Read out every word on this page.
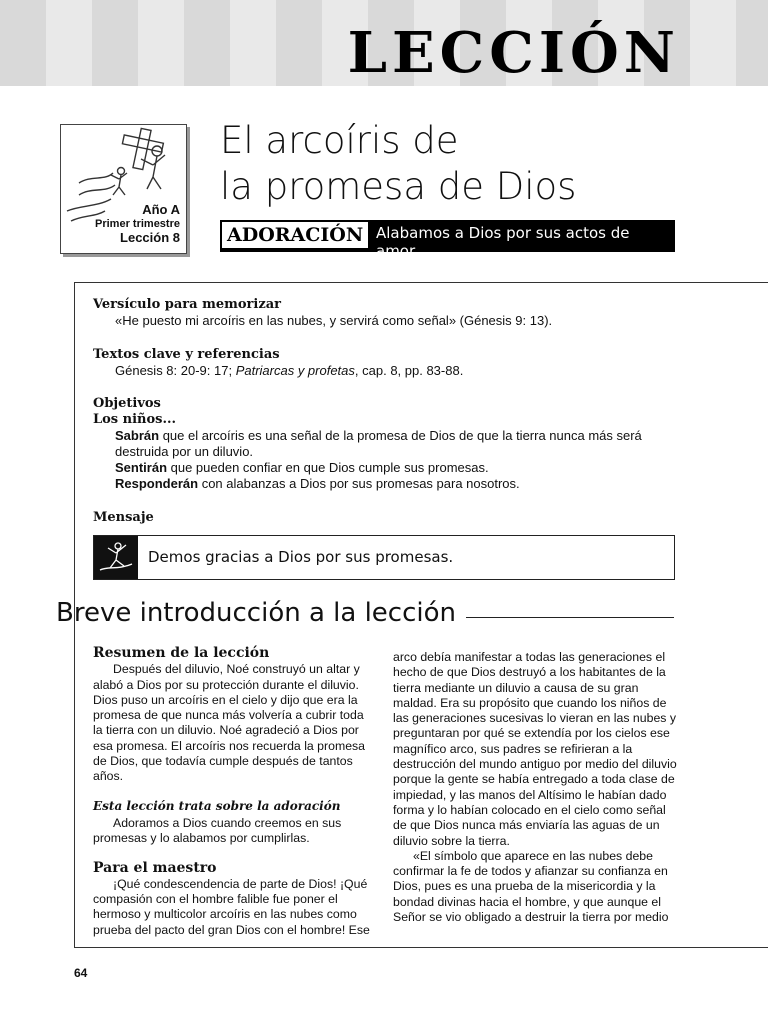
LECCIÓN
Año A
Primer trimestre
Lección 8
El arcoíris de
la promesa de Dios
ADORACIÓN Alabamos a Dios por sus actos de amor.
Versículo para memorizar
«He puesto mi arcoíris en las nubes, y servirá como señal» (Génesis 9: 13).
Textos clave y referencias
Génesis 8: 20-9: 17; Patriarcas y profetas, cap. 8, pp. 83-88.
Objetivos
Los niños...
Sabrán que el arcoíris es una señal de la promesa de Dios de que la tierra nunca más será
destruida por un diluvio.
Sentirán que pueden confiar en que Dios cumple sus promesas.
Responderán con alabanzas a Dios por sus promesas para nosotros.
Mensaje
Demos gracias a Dios por sus promesas.
Breve introducción a la lección

Resumen de la lección

Después del diluvio, Noé construyó un altar y alabó a Dios por su protección durante el diluvio. Dios puso un arcoíris en el cielo y dijo que era la promesa de que nunca más volvería a cubrir toda la tierra con un diluvio. Noé agradeció a Dios por esa promesa. El arcoíris nos recuerda la promesa de Dios, que todavía cumple después de tantos años.

Esta lección trata sobre la adoración

Adoramos a Dios cuando creemos en sus promesas y lo alabamos por cumplirlas.

Para el maestro

¡Qué condescendencia de parte de Dios! ¡Qué compasión con el hombre falible fue poner el hermoso y multicolor arcoíris en las nubes como prueba del pacto del gran Dios con el hombre! Ese

arco debía manifestar a todas las generaciones el hecho de que Dios destruyó a los habitantes de la tierra mediante un diluvio a causa de su gran maldad. Era su propósito que cuando los niños de las generaciones sucesivas lo vieran en las nubes y preguntaran por qué se extendía por los cielos ese magnífico arco, sus padres se refirieran a la destrucción del mundo antiguo por medio del diluvio porque la gente se había entregado a toda clase de impiedad, y las manos del Altísimo le habían dado forma y lo habían colocado en el cielo como señal de que Dios nunca más enviaría las aguas de un diluvio sobre la tierra.

«El símbolo que aparece en las nubes debe confirmar la fe de todos y afianzar su confianza en Dios, pues es una prueba de la misericordia y la bondad divinas hacia el hombre, y que aunque el Señor se vio obligado a destruir la tierra por medio

64
